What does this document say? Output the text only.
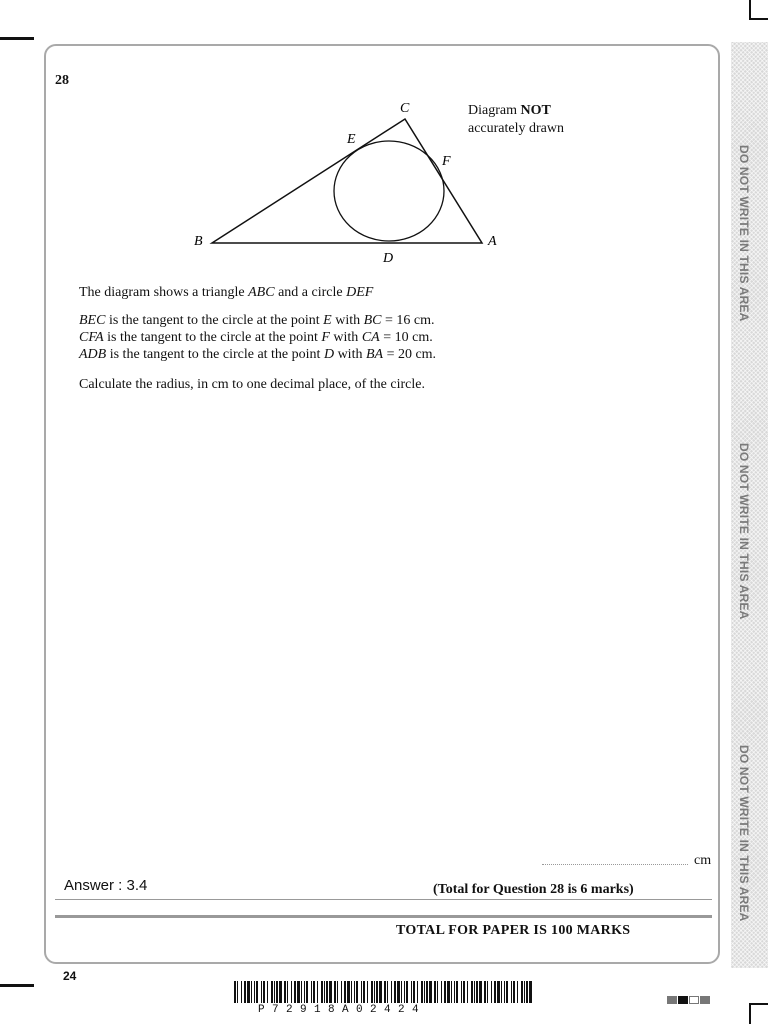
DO NOT WRITE IN THIS AREA
DO NOT WRITE IN THIS AREA
DO NOT WRITE IN THIS AREA
28
C
E
F
B	A
D
Diagram NOT
accurately drawn
The diagram shows a triangle ABC and a circle DEF
BEC is the tangent to the circle at the point E with BC = 16 cm.
CFA is the tangent to the circle at the point F with CA = 10 cm.
ADB is the tangent to the circle at the point D with BA = 20 cm.
Calculate the radius, in cm to one decimal place, of the circle.
cm
Answer : 3.4	(Total for Question 28 is 6 marks)
TOTAL FOR PAPER IS 100 MARKS
24
P72918A02424
